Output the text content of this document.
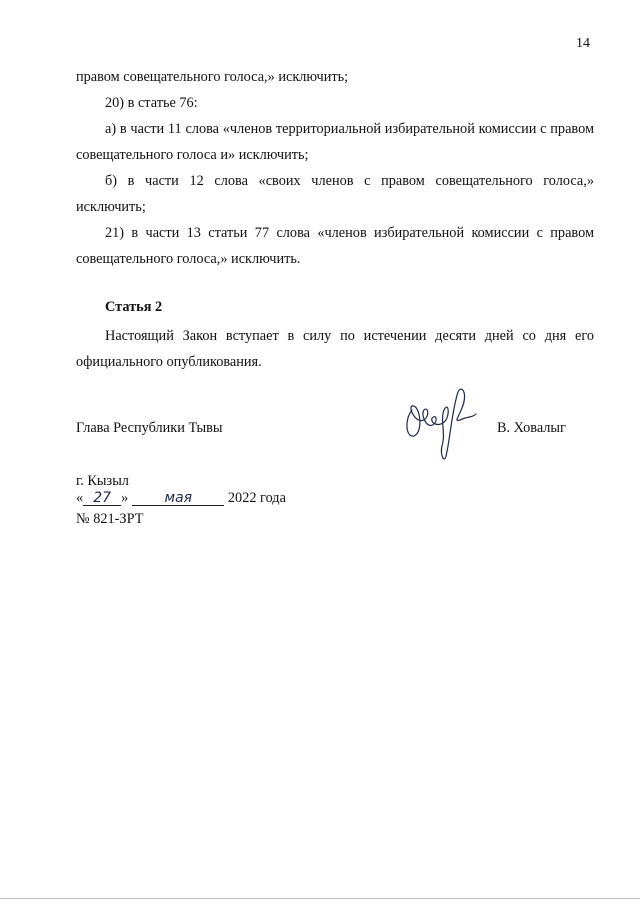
14
правом совещательного голоса,» исключить;
20) в статье 76:
а) в части 11 слова «членов территориальной избирательной комиссии с правом совещательного голоса и» исключить;
б) в части 12 слова «своих членов с правом совещательного голоса,» исключить;
21) в части 13 статьи 77 слова «членов избирательной комиссии с правом совещательного голоса,» исключить.
Статья 2
Настоящий Закон вступает в силу по истечении десяти дней со дня его официального опубликования.
Глава Республики Тывы	В. Ховалыг
г. Кызыл
« 27 »	мая	2022 года
№ 821-ЗРТ
